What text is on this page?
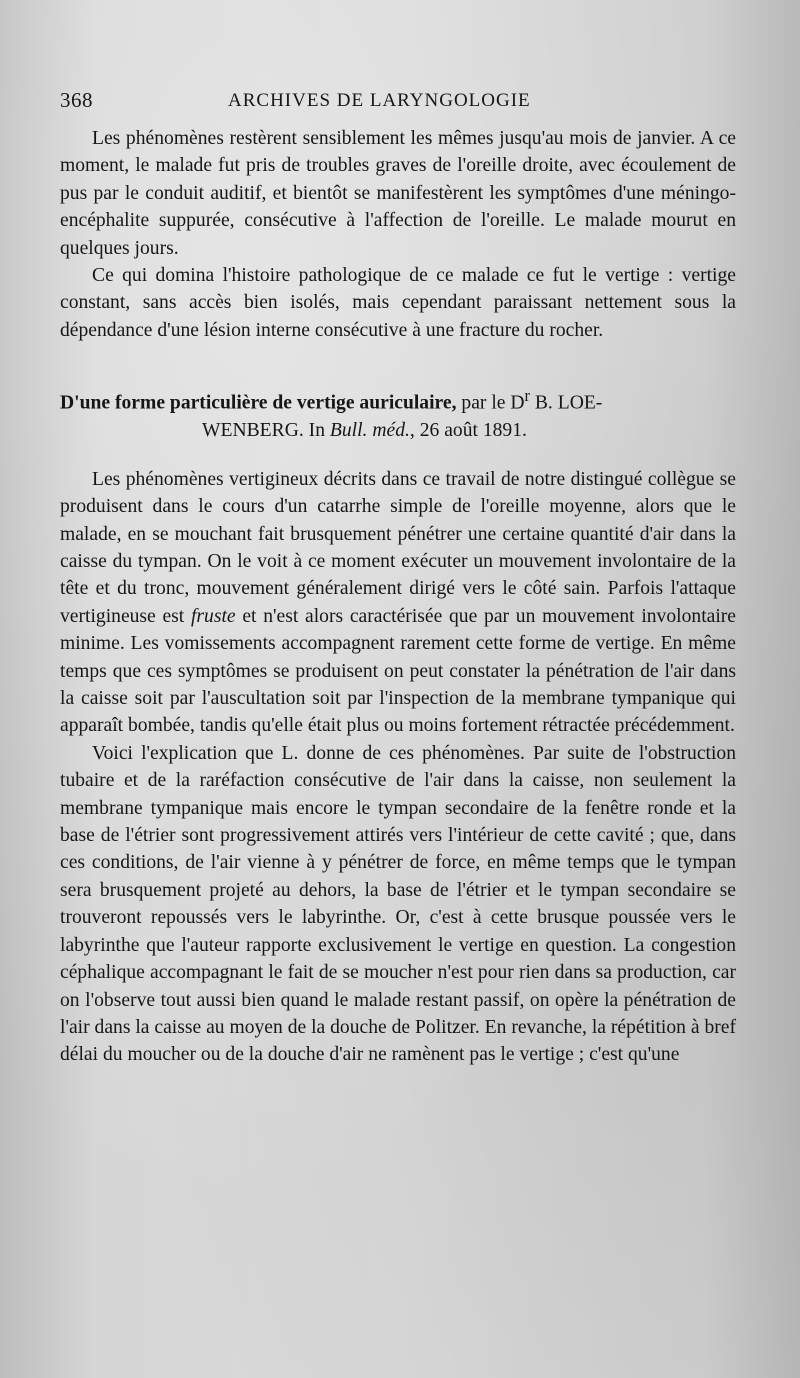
368	ARCHIVES DE LARYNGOLOGIE

Les phénomènes restèrent sensiblement les mêmes jusqu'au mois de janvier. A ce moment, le malade fut pris de troubles graves de l'oreille droite, avec écoulement de pus par le conduit auditif, et bientôt se manifestèrent les symptômes d'une méningo-encéphalite suppurée, consécutive à l'affection de l'oreille. Le malade mourut en quelques jours.

Ce qui domina l'histoire pathologique de ce malade ce fut le vertige : vertige constant, sans accès bien isolés, mais cependant paraissant nettement sous la dépendance d'une lésion interne consécutive à une fracture du rocher.

D'une forme particulière de vertige auriculaire, par le $D^r$ B. LOE-
WENBERG. In Bull. méd., 26 août 1891.

Les phénomènes vertigineux décrits dans ce travail de notre distingué collègue se produisent dans le cours d'un catarrhe simple de l'oreille moyenne, alors que le malade, en se mouchant fait brusquement pénétrer une certaine quantité d'air dans la caisse du tympan. On le voit à ce moment exécuter un mouvement involontaire de la tête et du tronc, mouvement généralement dirigé vers le côté sain. Parfois l'attaque vertigineuse est fruste et n'est alors caractérisée que par un mouvement involontaire minime. Les vomissements accompagnent rarement cette forme de vertige. En même temps que ces symptômes se produisent on peut constater la pénétration de l'air dans la caisse soit par l'auscultation soit par l'inspection de la membrane tympanique qui apparaît bombée, tandis qu'elle était plus ou moins fortement rétractée précédemment.

Voici l'explication que L. donne de ces phénomènes. Par suite de l'obstruction tubaire et de la raréfaction consécutive de l'air dans la caisse, non seulement la membrane tympanique mais encore le tympan secondaire de la fenêtre ronde et la base de l'étrier sont progressivement attirés vers l'intérieur de cette cavité ; que, dans ces conditions, de l'air vienne à y pénétrer de force, en même temps que le tympan sera brusquement projeté au dehors, la base de l'étrier et le tympan secondaire se trouveront repoussés vers le labyrinthe. Or, c'est à cette brusque poussée vers le labyrinthe que l'auteur rapporte exclusivement le vertige en question. La congestion céphalique accompagnant le fait de se moucher n'est pour rien dans sa production, car on l'observe tout aussi bien quand le malade restant passif, on opère la pénétration de l'air dans la caisse au moyen de la douche de Politzer. En revanche, la répétition à bref délai du moucher ou de la douche d'air ne ramènent pas le vertige ; c'est qu'une
